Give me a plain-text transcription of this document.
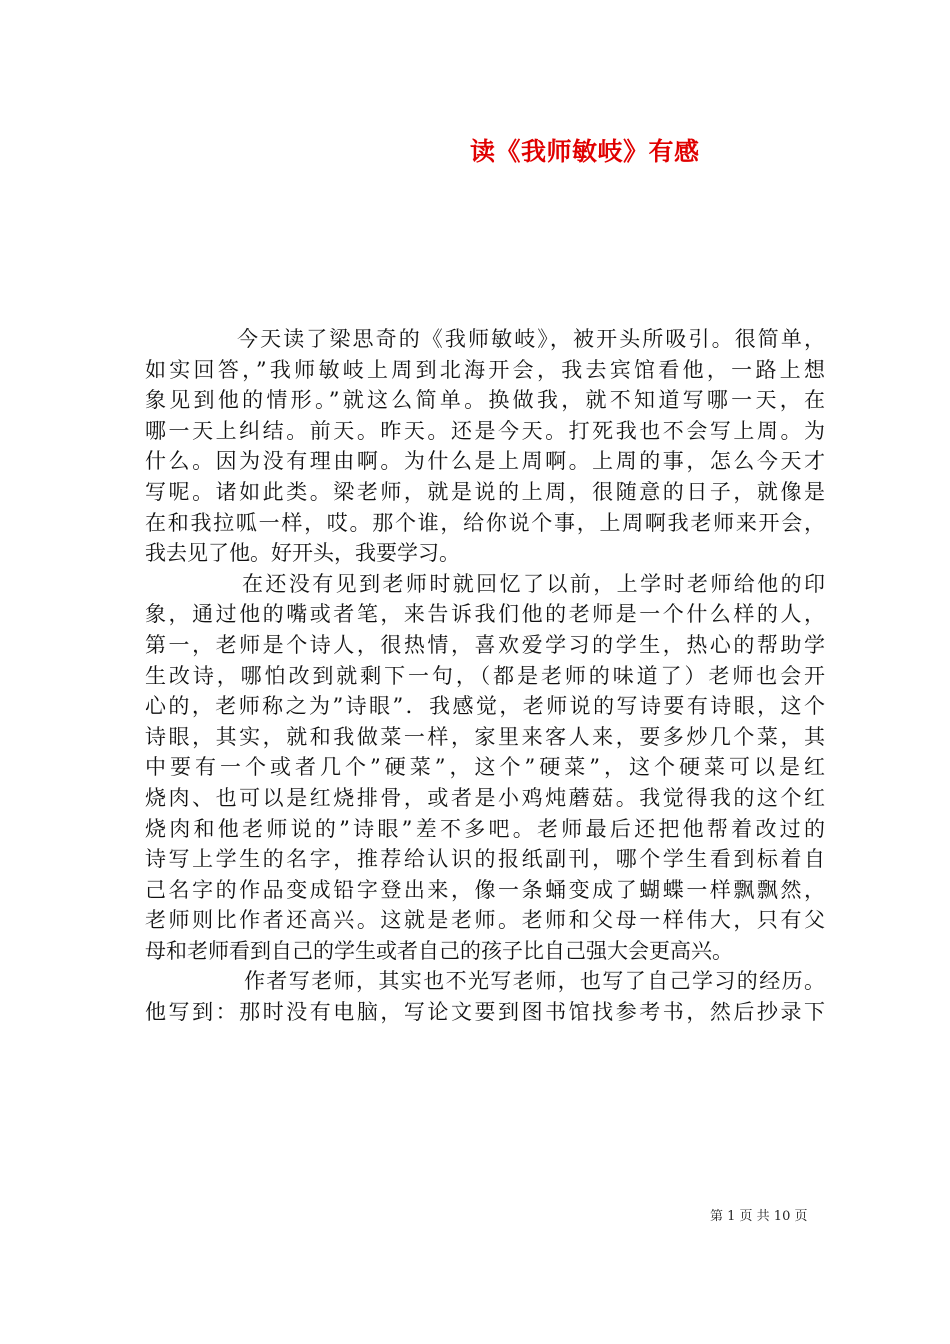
读《我师敏岐》有感
今天读了梁思奇的《我师敏岐》，被开头所吸引。很简单，
如实回答，”我师敏岐上周到北海开会，我去宾馆看他，一路上想
象见到他的情形。”就这么简单。换做我，就不知道写哪一天，在
哪一天上纠结。前天。昨天。还是今天。打死我也不会写上周。为
什么。因为没有理由啊。为什么是上周啊。上周的事，怎么今天才
写呢。诸如此类。梁老师，就是说的上周，很随意的日子，就像是
在和我拉呱一样，哎。那个谁，给你说个事，上周啊我老师来开会，
我去见了他。好开头，我要学习。
在还没有见到老师时就回忆了以前，上学时老师给他的印
象，通过他的嘴或者笔，来告诉我们他的老师是一个什么样的人，
第一，老师是个诗人，很热情，喜欢爱学习的学生，热心的帮助学
生改诗，哪怕改到就剩下一句，（都是老师的味道了）老师也会开
心的，老师称之为”诗眼”．我感觉，老师说的写诗要有诗眼，这个
诗眼，其实，就和我做菜一样，家里来客人来，要多炒几个菜，其
中要有一个或者几个”硬菜”，这个”硬菜”，这个硬菜可以是红
烧肉、也可以是红烧排骨，或者是小鸡炖蘑菇。我觉得我的这个红
烧肉和他老师说的”诗眼”差不多吧。老师最后还把他帮着改过的
诗写上学生的名字，推荐给认识的报纸副刊，哪个学生看到标着自
己名字的作品变成铅字登出来，像一条蛹变成了蝴蝶一样飘飘然，
老师则比作者还高兴。这就是老师。老师和父母一样伟大，只有父
母和老师看到自己的学生或者自己的孩子比自己强大会更高兴。
作者写老师，其实也不光写老师，也写了自己学习的经历。
他写到：那时没有电脑，写论文要到图书馆找参考书，然后抄录下
第 1 页 共 10 页
